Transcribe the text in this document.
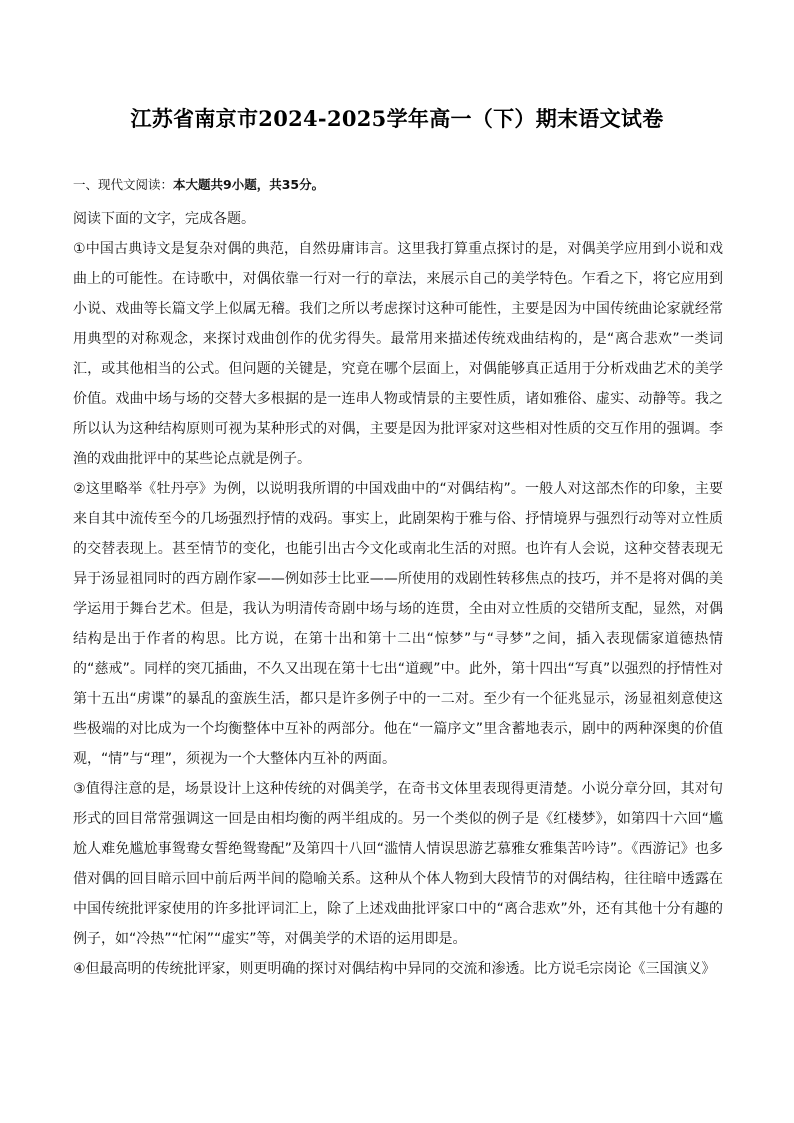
江苏省南京市2024-2025学年高一（下）期末语文试卷
一、现代文阅读：本大题共9小题，共35分。

阅读下面的文字，完成各题。

①中国古典诗文是复杂对偶的典范，自然毋庸讳言。这里我打算重点探讨的是，对偶美学应用到小说和戏曲上的可能性。在诗歌中，对偶依靠一行对一行的章法，来展示自己的美学特色。乍看之下，将它应用到小说、戏曲等长篇文学上似属无稽。我们之所以考虑探讨这种可能性，主要是因为中国传统曲论家就经常用典型的对称观念，来探讨戏曲创作的优劣得失。最常用来描述传统戏曲结构的，是“离合悲欢”一类词汇，或其他相当的公式。但问题的关键是，究竟在哪个层面上，对偶能够真正适用于分析戏曲艺术的美学价值。戏曲中场与场的交替大多根据的是一连串人物或情景的主要性质，诸如雅俗、虚实、动静等。我之所以认为这种结构原则可视为某种形式的对偶，主要是因为批评家对这些相对性质的交互作用的强调。李渔的戏曲批评中的某些论点就是例子。

②这里略举《牡丹亭》为例，以说明我所谓的中国戏曲中的“对偶结构”。一般人对这部杰作的印象，主要来自其中流传至今的几场强烈抒情的戏码。事实上，此剧架构于雅与俗、抒情境界与强烈行动等对立性质的交替表现上。甚至情节的变化，也能引出古今文化或南北生活的对照。也许有人会说，这种交替表现无异于汤显祖同时的西方剧作家——例如莎士比亚——所使用的戏剧性转移焦点的技巧，并不是将对偶的美学运用于舞台艺术。但是，我认为明清传奇剧中场与场的连贯，全由对立性质的交错所支配，显然，对偶结构是出于作者的构思。比方说，在第十出和第十二出“惊梦”与“寻梦”之间，插入表现儒家道德热情的“慈戒”。同样的突兀插曲，不久又出现在第十七出“道觋”中。此外，第十四出“写真”以强烈的抒情性对第十五出“虏谍”的暴乱的蛮族生活，都只是许多例子中的一二对。至少有一个征兆显示，汤显祖刻意使这些极端的对比成为一个均衡整体中互补的两部分。他在“一篇序文”里含蓄地表示，剧中的两种深奥的价值观，“情”与“理”，须视为一个大整体内互补的两面。

③值得注意的是，场景设计上这种传统的对偶美学，在奇书文体里表现得更清楚。小说分章分回，其对句形式的回目常常强调这一回是由相均衡的两半组成的。另一个类似的例子是《红楼梦》，如第四十六回“尴尬人难免尴尬事鸳鸯女誓绝鸳鸯配”及第四十八回“滥情人情误思游艺慕雅女雅集苦吟诗”。《西游记》也多借对偶的回目暗示回中前后两半间的隐喻关系。这种从个体人物到大段情节的对偶结构，往往暗中透露在中国传统批评家使用的许多批评词汇上，除了上述戏曲批评家口中的“离合悲欢”外，还有其他十分有趣的例子，如“冷热”“忙闲”“虚实”等，对偶美学的术语的运用即是。

④但最高明的传统批评家，则更明确的探讨对偶结构中异同的交流和渗透。比方说毛宗岗论《三国演义》
